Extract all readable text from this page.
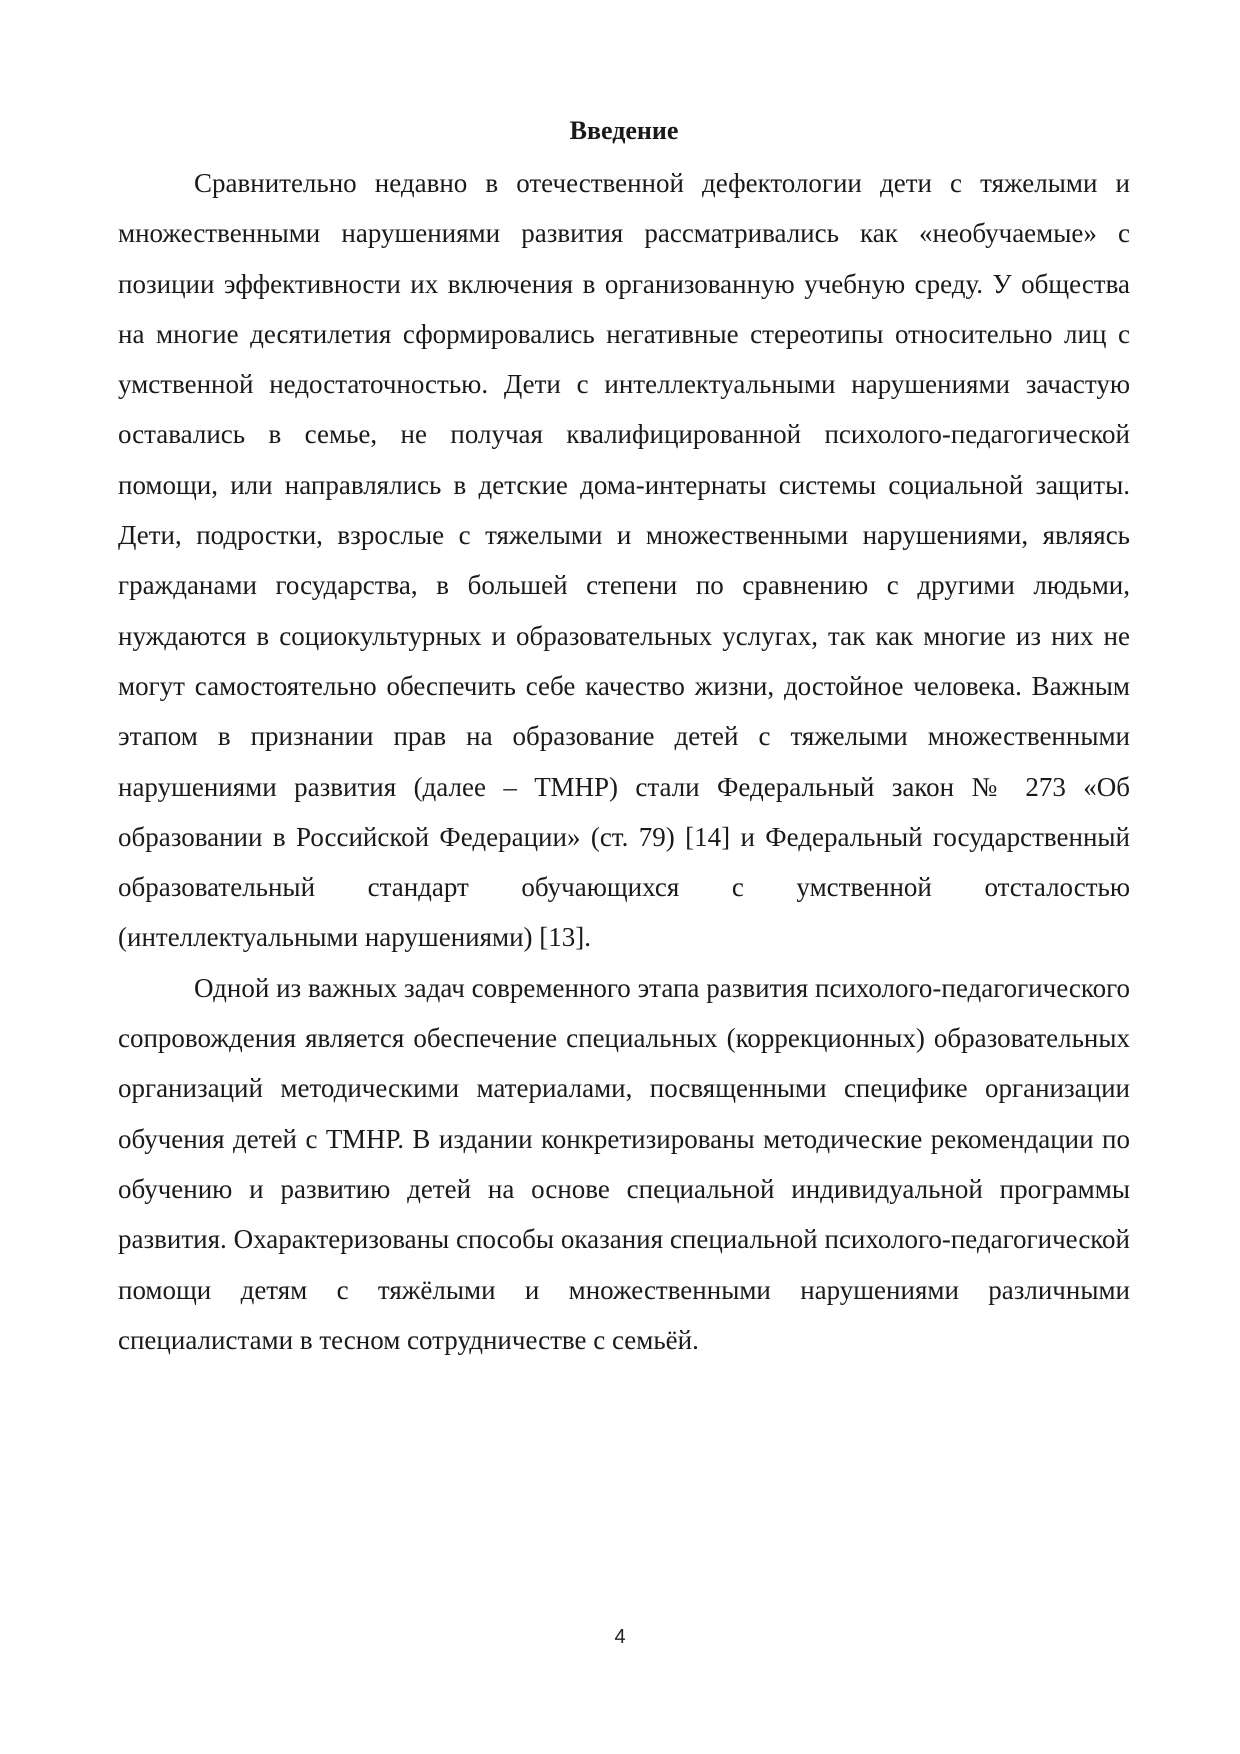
Введение

Сравнительно недавно в отечественной дефектологии дети с тяжелыми и множественными нарушениями развития рассматривались как «необучаемые» с позиции эффективности их включения в организованную учебную среду. У общества на многие десятилетия сформировались негативные стереотипы относительно лиц с умственной недостаточностью. Дети с интеллектуальными нарушениями зачастую оставались в семье, не получая квалифицированной психолого-педагогической помощи, или направлялись в детские дома-интернаты системы социальной защиты. Дети, подростки, взрослые с тяжелыми и множественными нарушениями, являясь гражданами государства, в большей степени по сравнению с другими людьми, нуждаются в социокультурных и образовательных услугах, так как многие из них не могут самостоятельно обеспечить себе качество жизни, достойное человека. Важным этапом в признании прав на образование детей с тяжелыми множественными нарушениями развития (далее – ТМНР) стали Федеральный закон № 273 «Об образовании в Российской Федерации» (ст. 79) [14] и Федеральный государственный образовательный стандарт обучающихся с умственной отсталостью (интеллектуальными нарушениями) [13].

Одной из важных задач современного этапа развития психолого-педагогического сопровождения является обеспечение специальных (коррекционных) образовательных организаций методическими материалами, посвященными специфике организации обучения детей с ТМНР. В издании конкретизированы методические рекомендации по обучению и развитию детей на основе специальной индивидуальной программы развития. Охарактеризованы способы оказания специальной психолого-педагогической помощи детям с тяжёлыми и множественными нарушениями различными специалистами в тесном сотрудничестве с семьёй.

4
